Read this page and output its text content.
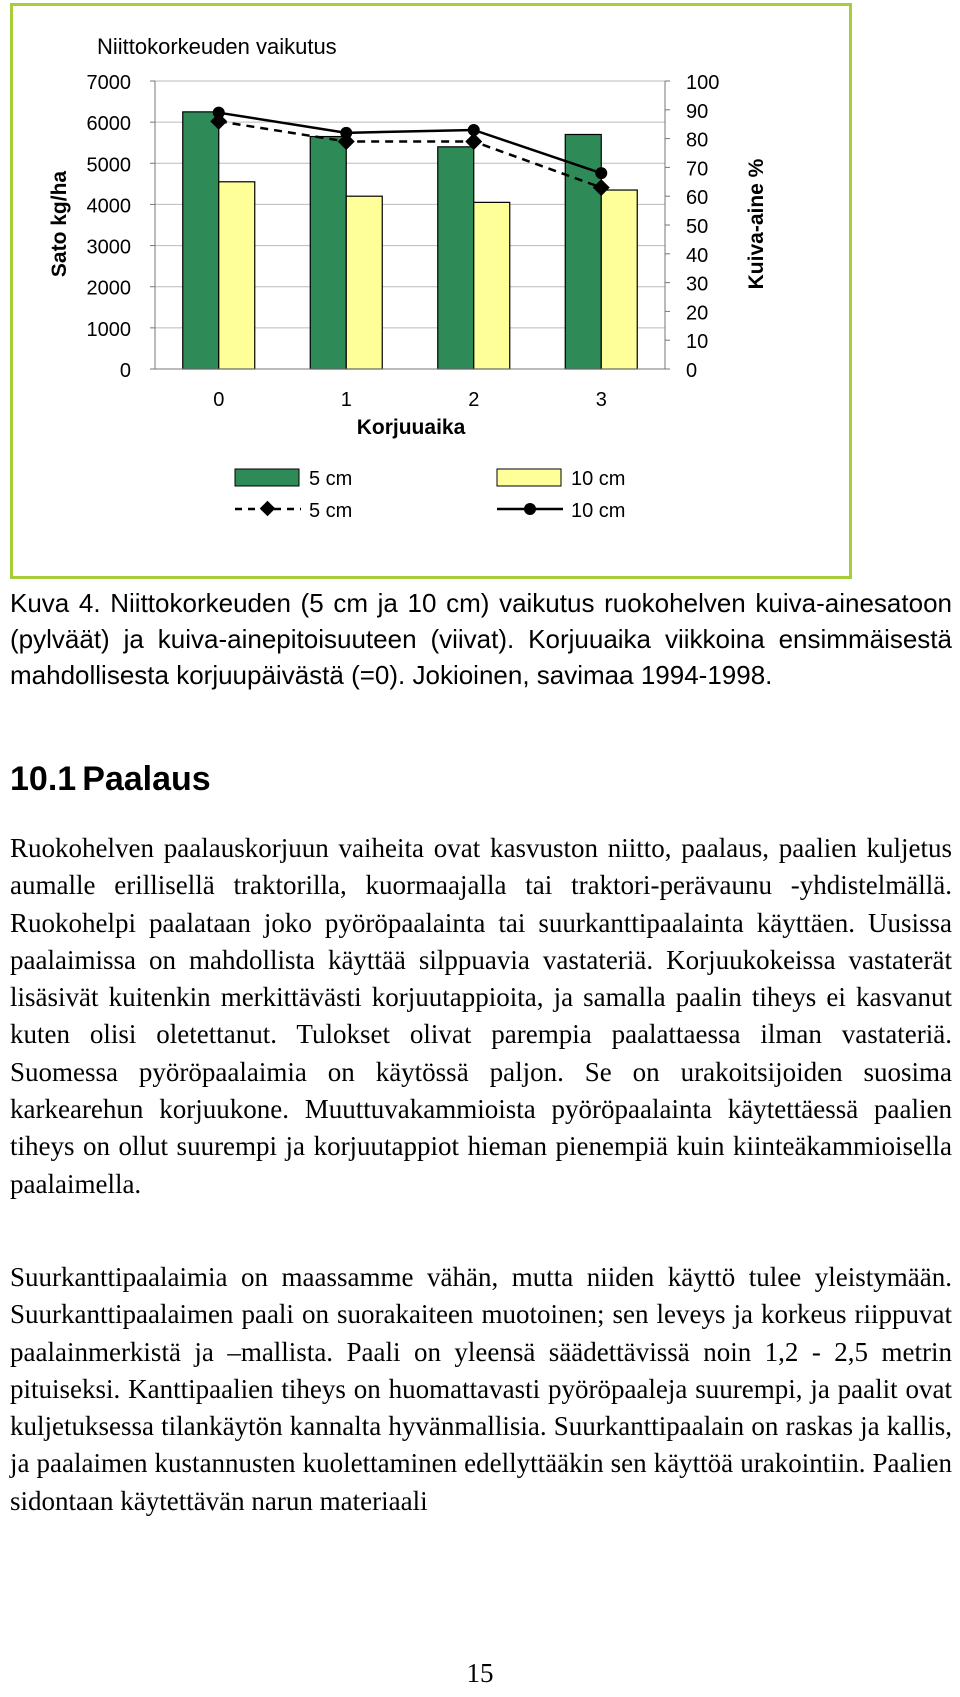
Niittokorkeuden vaikutus
Sato kg/ha	Kuiva-aine %
Korjuuaika
0
1000
2000
3000
4000
5000
6000
7000
0
10
20
30
40
50
60
70
80
90
100
0	1	2	3
5 cm	10 cm
5 cm	10 cm

Kuva 4. Niittokorkeuden (5 cm ja 10 cm) vaikutus ruokohelven kuiva-ainesatoon (pylväät) ja kuiva-ainepitoisuuteen (viivat). Korjuuaika viikkoina ensimmäisestä mahdollisesta korjuupäivästä (=0). Jokioinen, savimaa 1994-1998.

10.1 Paalaus

Ruokohelven paalauskorjuun vaiheita ovat kasvuston niitto, paalaus, paalien kuljetus aumalle erillisellä traktorilla, kuormaajalla tai traktori-perävaunu -yhdistelmällä. Ruokohelpi paalataan joko pyöröpaalainta tai suurkanttipaalainta käyttäen. Uusissa paalaimissa on mahdollista käyttää silppuavia vastateriä. Korjuukokeissa vastaterät lisäsivät kuitenkin merkittävästi korjuutappioita, ja samalla paalin tiheys ei kasvanut kuten olisi oletettanut. Tulokset olivat parempia paalattaessa ilman vastateriä. Suomessa pyöröpaalaimia on käytössä paljon. Se on urakoitsijoiden suosima karkearehun korjuukone. Muuttuvakammioista pyöröpaalainta käytettäessä paalien tiheys on ollut suurempi ja korjuutappiot hieman pienempiä kuin kiinteäkammioisella paalaimella.

Suurkanttipaalaimia on maassamme vähän, mutta niiden käyttö tulee yleistymään. Suurkanttipaalaimen paali on suorakaiteen muotoinen; sen leveys ja korkeus riippuvat paalainmerkistä ja –mallista. Paali on yleensä säädettävissä noin 1,2 - 2,5 metrin pituiseksi. Kanttipaalien tiheys on huomattavasti pyöröpaaleja suurempi, ja paalit ovat kuljetuksessa tilankäytön kannalta hyvänmallisia. Suurkanttipaalain on raskas ja kallis, ja paalaimen kustannusten kuolettaminen edellyttääkin sen käyttöä urakointiin. Paalien sidontaan käytettävän narun materiaali

15
